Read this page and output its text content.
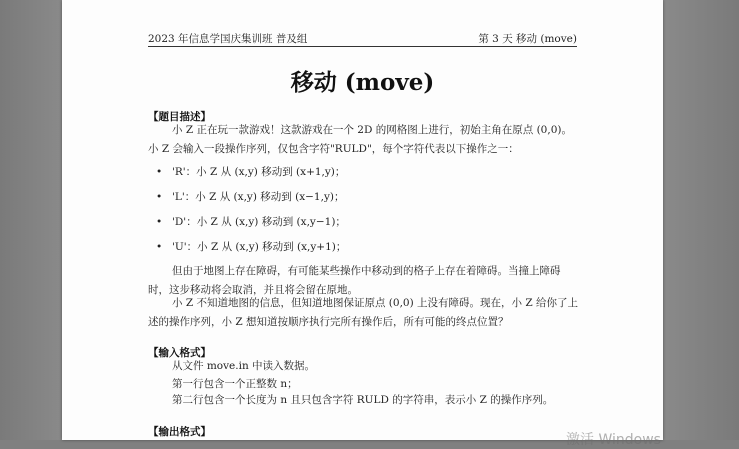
2023 年信息学国庆集训班 普及组	第 3 天 移动 (move)
移动 (move)
【题目描述】
小 Z 正在玩一款游戏！这款游戏在一个 2D 的网格图上进行，初始主角在原点 (0,0)。小 Z 会输入一段操作序列，仅包含字符"RULD"，每个字符代表以下操作之一：
• 'R'：小 Z 从 (x,y) 移动到 (x+1,y)；
• 'L'：小 Z 从 (x,y) 移动到 (x−1,y)；
• 'D'：小 Z 从 (x,y) 移动到 (x,y−1)；
• 'U'：小 Z 从 (x,y) 移动到 (x,y+1)；
但由于地图上存在障碍，有可能某些操作中移动到的格子上存在着障碍。当撞上障碍时，这步移动将会取消，并且将会留在原地。
小 Z 不知道地图的信息，但知道地图保证原点 (0,0) 上没有障碍。现在，小 Z 给你了上述的操作序列，小 Z 想知道按顺序执行完所有操作后，所有可能的终点位置？
【输入格式】
从文件 move.in 中读入数据。
第一行包含一个正整数 n；
第二行包含一个长度为 n 且只包含字符 RULD 的字符串，表示小 Z 的操作序列。
【输出格式】	激活 Windows
